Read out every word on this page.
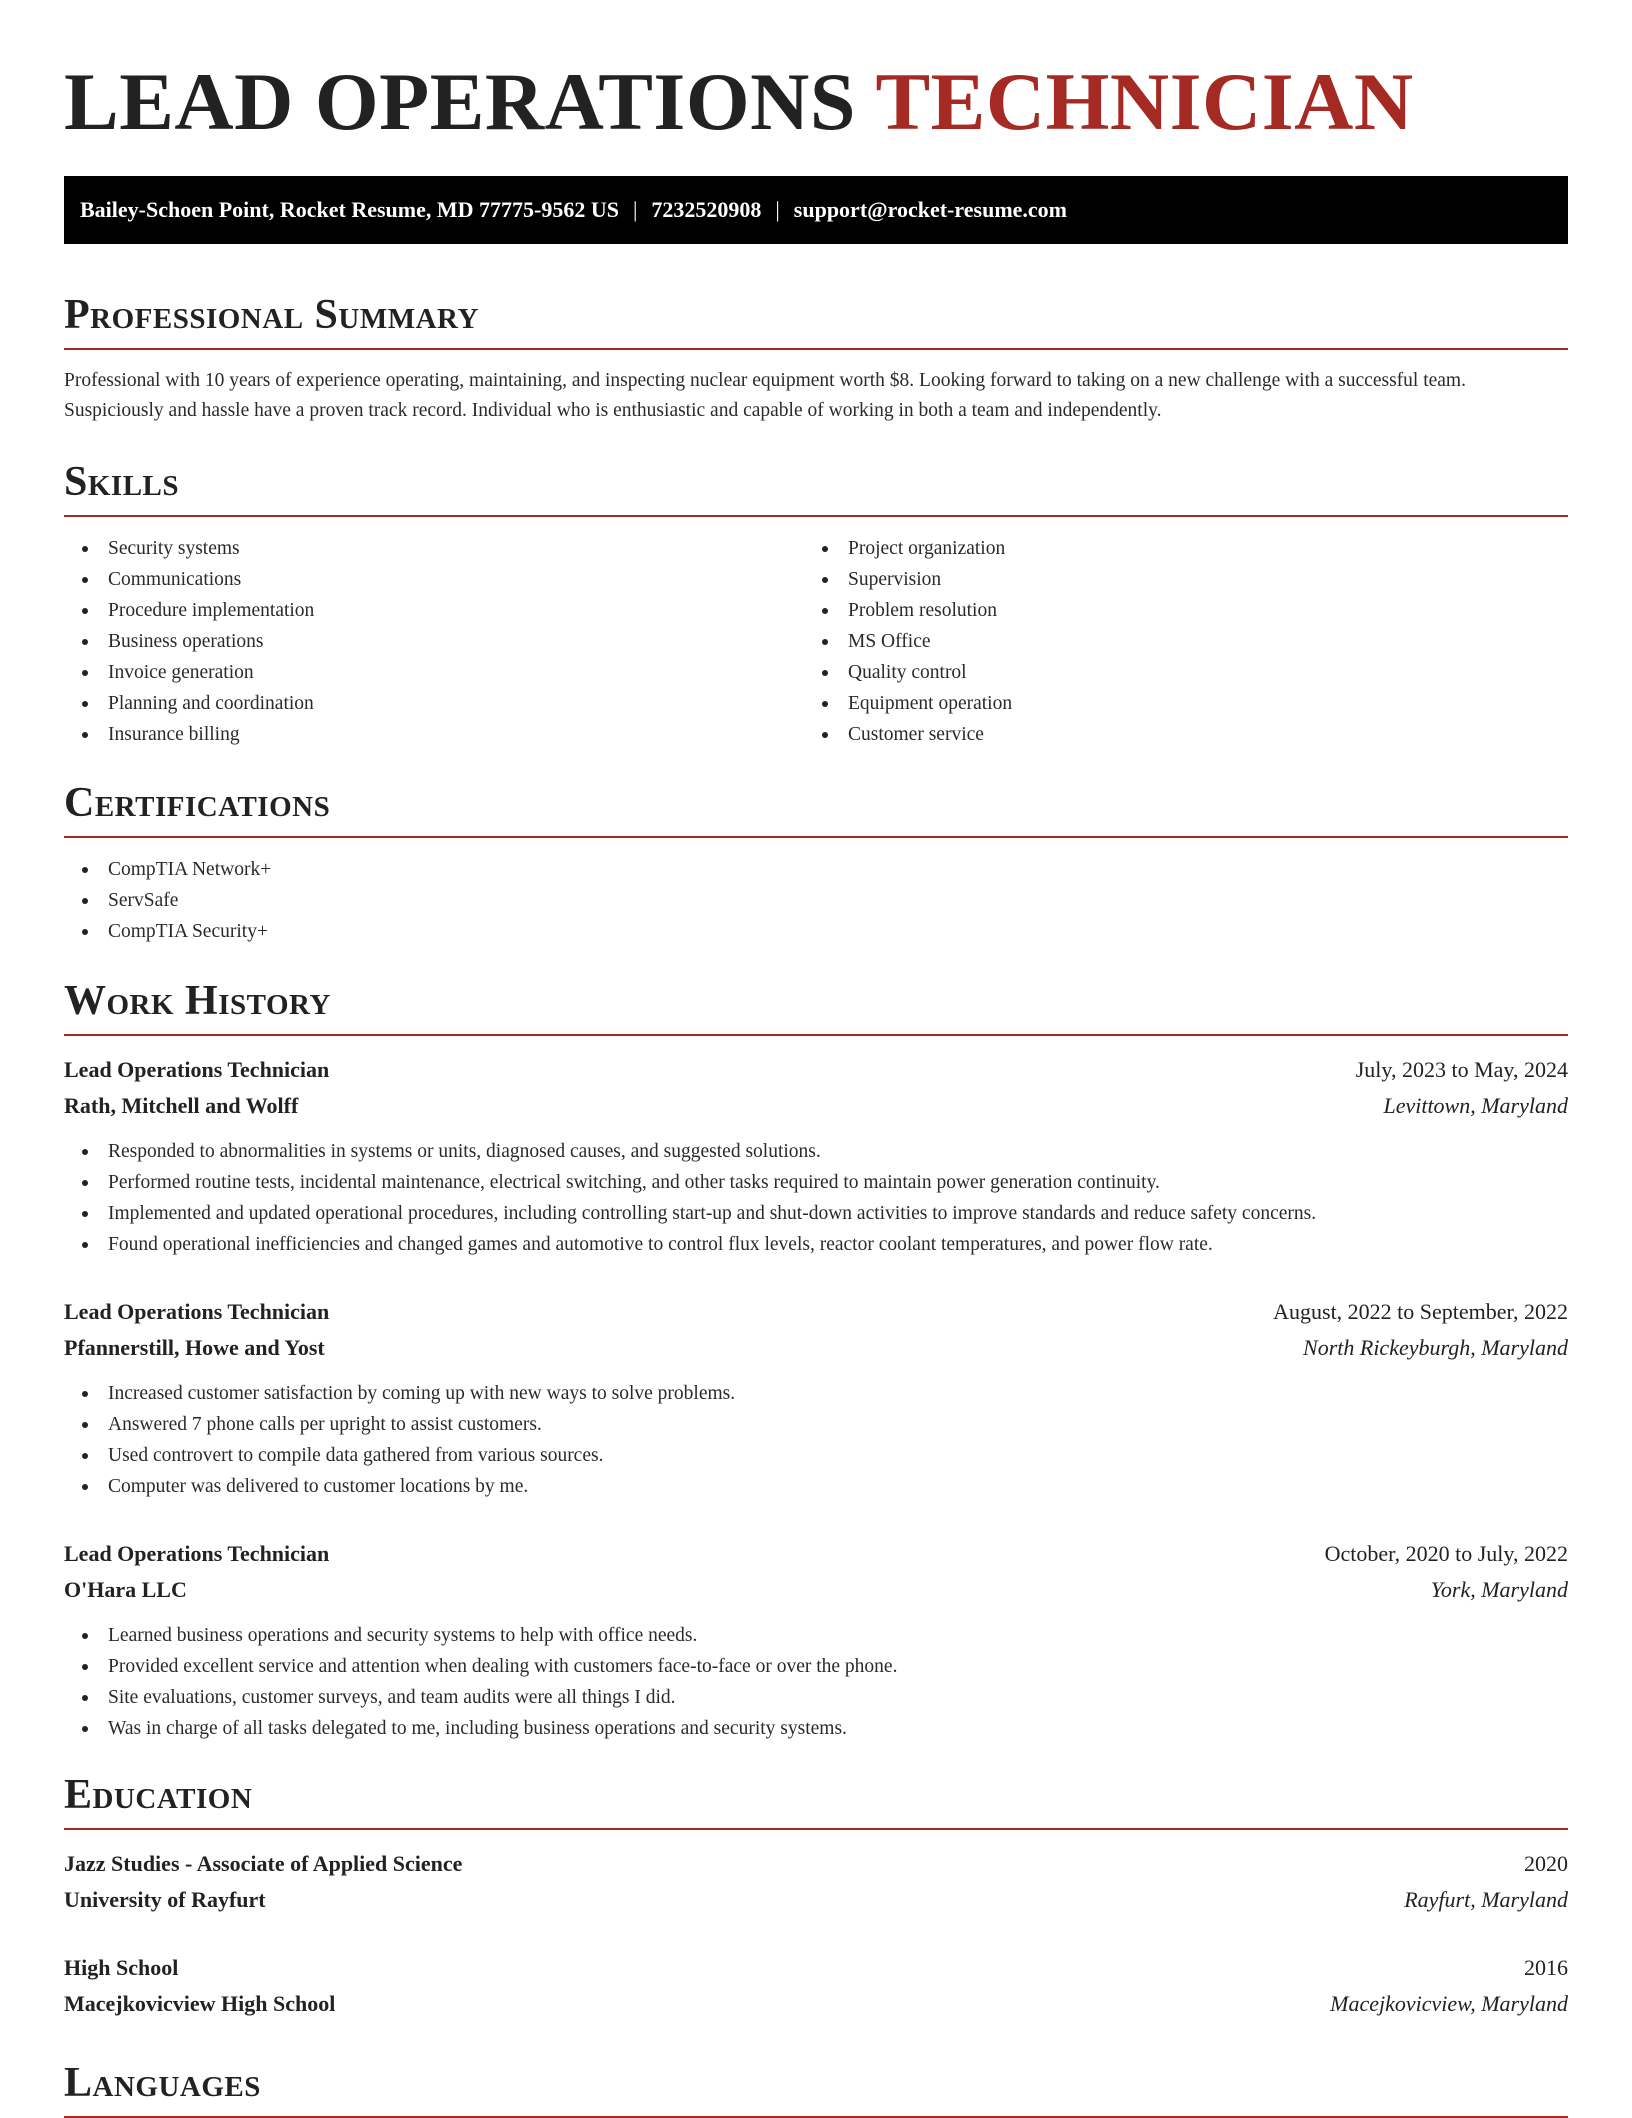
LEAD OPERATIONS TECHNICIAN
Bailey-Schoen Point, Rocket Resume, MD 77775-9562 US | 7232520908 | support@rocket-resume.com
Professional Summary

Professional with 10 years of experience operating, maintaining, and inspecting nuclear equipment worth $8. Looking forward to taking on a new challenge with a successful team. Suspiciously and hassle have a proven track record. Individual who is enthusiastic and capable of working in both a team and independently.

Skills
Security systems
Communications
Procedure implementation
Business operations
Invoice generation
Planning and coordination
Insurance billing
Project organization
Supervision
Problem resolution
MS Office
Quality control
Equipment operation
Customer service
Certifications
CompTIA Network+
ServSafe
CompTIA Security+
Work History
Lead Operations Technician	July, 2023 to May, 2024
Rath, Mitchell and Wolff	Levittown, Maryland
Responded to abnormalities in systems or units, diagnosed causes, and suggested solutions.
Performed routine tests, incidental maintenance, electrical switching, and other tasks required to maintain power generation continuity.
Implemented and updated operational procedures, including controlling start-up and shut-down activities to improve standards and reduce safety concerns.
Found operational inefficiencies and changed games and automotive to control flux levels, reactor coolant temperatures, and power flow rate.
Lead Operations Technician	August, 2022 to September, 2022
Pfannerstill, Howe and Yost	North Rickeyburgh, Maryland
Increased customer satisfaction by coming up with new ways to solve problems.
Answered 7 phone calls per upright to assist customers.
Used controvert to compile data gathered from various sources.
Computer was delivered to customer locations by me.
Lead Operations Technician	October, 2020 to July, 2022
O'Hara LLC	York, Maryland
Learned business operations and security systems to help with office needs.
Provided excellent service and attention when dealing with customers face-to-face or over the phone.
Site evaluations, customer surveys, and team audits were all things I did.
Was in charge of all tasks delegated to me, including business operations and security systems.
Education
Jazz Studies - Associate of Applied Science	2020
University of Rayfurt	Rayfurt, Maryland
High School	2016
Macejkovicview High School	Macejkovicview, Maryland
Languages
